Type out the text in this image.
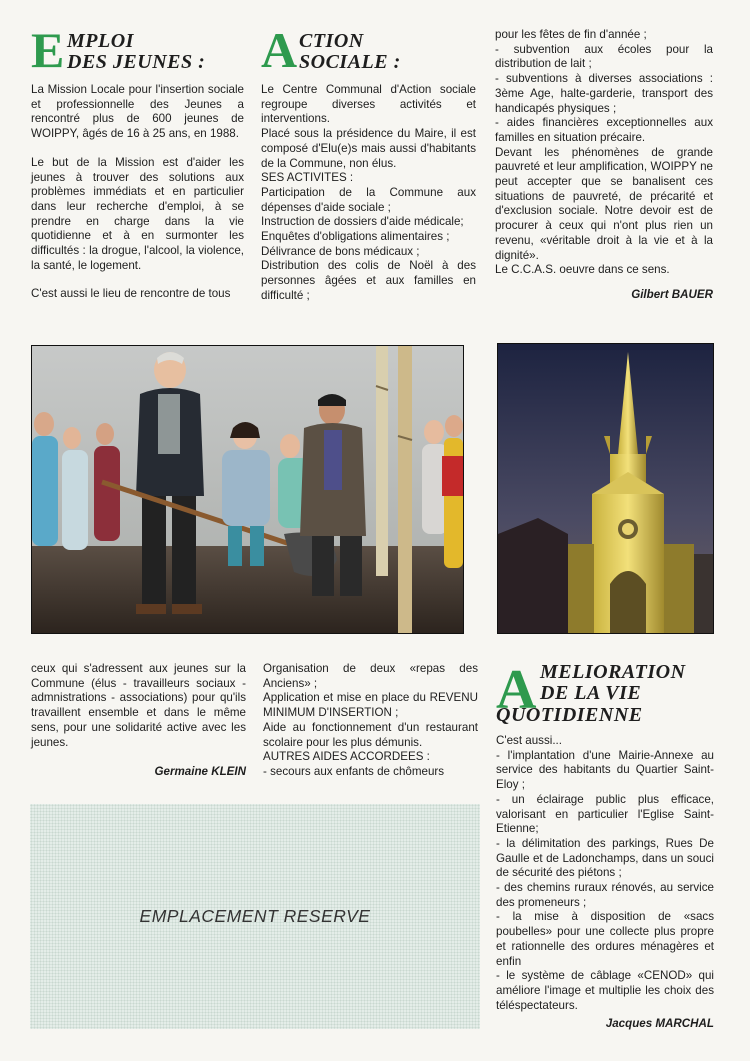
E MPLOI
DES JEUNES :

La Mission Locale pour l'insertion sociale et professionnelle des Jeunes a rencontré plus de 600 jeunes de WOIPPY, âgés de 16 à 25 ans, en 1988.

Le but de la Mission est d'aider les jeunes à trouver des solutions aux problèmes immédiats et en particulier dans leur recherche d'emploi, à se prendre en charge dans la vie quotidienne et à en surmonter les difficultés : la drogue, l'alcool, la violence, la santé, le logement.

C'est aussi le lieu de rencontre de tous

A CTION
SOCIALE :

Le Centre Communal d'Action sociale regroupe diverses activités et interventions.

Placé sous la présidence du Maire, il est composé d'Elu(e)s mais aussi d'habitants de la Commune, non élus.

SES ACTIVITES :

Participation de la Commune aux dépenses d'aide sociale ;

Instruction de dossiers d'aide médicale;

Enquêtes d'obligations alimentaires ;

Délivrance de bons médicaux ;

Distribution des colis de Noël à des personnes âgées et aux familles en difficulté ;

pour les fêtes de fin d'année ;

- subvention aux écoles pour la distribution de lait ;

- subventions à diverses associations : 3ème Age, halte-garderie, transport des handicapés physiques ;

- aides financières exceptionnelles aux familles en situation précaire.

Devant les phénomènes de grande pauvreté et leur amplification, WOIPPY ne peut accepter que se banalisent ces situations de pauvreté, de précarité et d'exclusion sociale. Notre devoir est de procurer à ceux qui n'ont plus rien un revenu, «véritable droit à la vie et à la dignité».

Le C.C.A.S. oeuvre dans ce sens.

Gilbert BAUER

ceux qui s'adressent aux jeunes sur la Commune (élus - travailleurs sociaux - admnistrations - associations) pour qu'ils travaillent ensemble et dans le même sens, pour une solidarité active avec les jeunes.

Germaine KLEIN

Organisation de deux «repas des Anciens» ;

Application et mise en place du REVENU MINIMUM D'INSERTION ;

Aide au fonctionnement d'un restaurant scolaire pour les plus démunis.

AUTRES AIDES ACCORDEES :

- secours aux enfants de chômeurs

A MELIORATION
DE LA VIE
QUOTIDIENNE

C'est aussi...

- l'implantation d'une Mairie-Annexe au service des habitants du Quartier Saint-Eloy ;

- un éclairage public plus efficace, valorisant en particulier l'Eglise Saint-Etienne;

- la délimitation des parkings, Rues De Gaulle et de Ladonchamps, dans un souci de sécurité des piétons ;

- des chemins ruraux rénovés, au service des promeneurs ;

- la mise à disposition de «sacs poubelles» pour une collecte plus propre et rationnelle des ordures ménagères et enfin

- le système de câblage «CENOD» qui améliore l'image et multiplie les choix des téléspectateurs.

Jacques MARCHAL
EMPLACEMENT RESERVE
